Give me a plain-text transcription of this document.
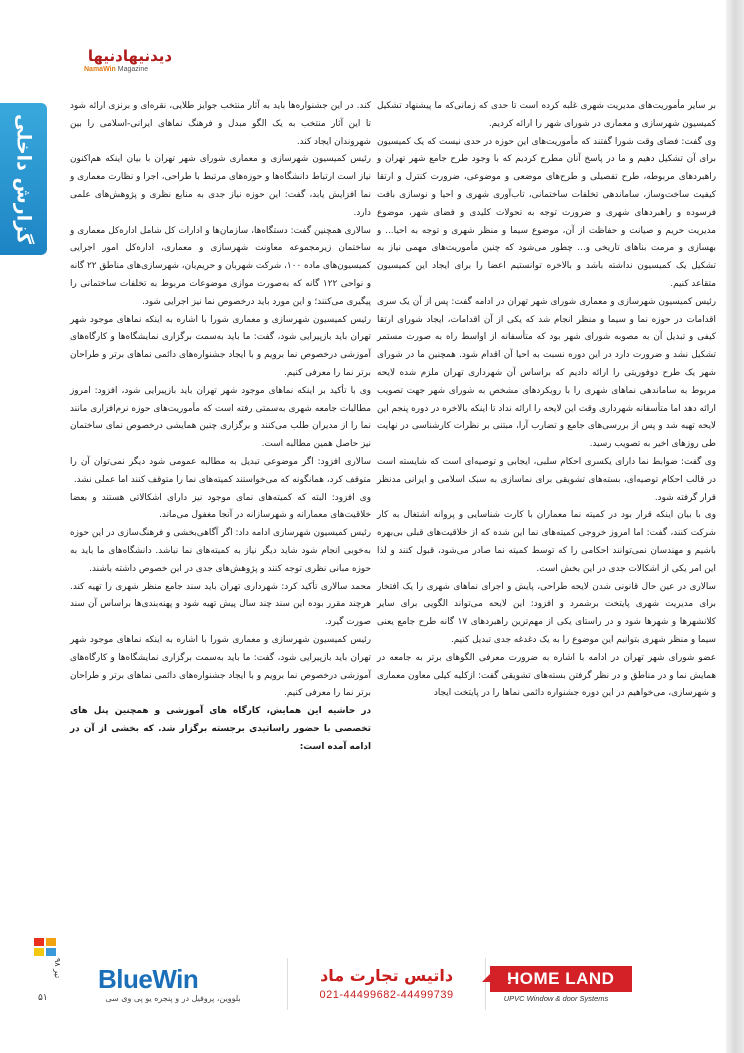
دیدنیهادنیها
NamaWin Magazine
گزارش داخلی

بر سایر مأموریت‌های مدیریت شهری غلبه کرده است تا حدی که زمانی‌که ما پیشنهاد تشکیل کمیسیون شهرسازی و معماری در شورای شهر را ارائه کردیم.

وی گفت: فضای وقت شورا گفتند که مأموریت‌های این حوزه در حدی نیست که یک کمیسیون برای آن تشکیل دهیم و ما در پاسخ آنان مطرح کردیم که با وجود طرح جامع شهر تهران و راهبردهای مربوطه، طرح تفصیلی و طرح‌های موضعی و موضوعی، ضرورت کنترل و ارتقا کیفیت ساخت‌وساز، ساماندهی تخلفات ساختمانی، تاب‌آوری شهری و احیا و نوسازی بافت فرسوده و راهبردهای شهری و ضرورت توجه به تحولات کلیدی و فضای شهر، موضوع مدیریت حریم و صیانت و حفاظت از آن، موضوع سیما و منظر شهری و توجه به احیا... و بهسازی و مرمت بناهای تاریخی و... چطور می‌شود که چنین مأموریت‌های مهمی نیاز به تشکیل یک کمیسیون نداشته باشد و بالاخره توانستیم اعضا را برای ایجاد این کمیسیون متقاعد کنیم.

رئیس کمیسیون شهرسازی و معماری شورای شهر تهران در ادامه گفت: پس از آن یک سری اقدامات در حوزه نما و سیما و منظر انجام شد که یکی از آن اقدامات، ایجاد شورای ارتقا کیفی و تبدیل آن به مصوبه شورای شهر بود که متأسفانه از اواسط راه به صورت مستمر تشکیل نشد و ضرورت دارد در این دوره نسبت به احیا آن اقدام شود. همچنین ما در شورای شهر یک طرح دوفوریتی را ارائه دادیم که براساس آن شهرداری تهران ملزم شده لایحه مربوط به ساماندهی نماهای شهری را با رویکردهای مشخص به شورای شهر جهت تصویب ارائه دهد اما متأسفانه شهرداری وقت این لایحه را ارائه نداد تا اینکه بالاخره در دوره پنجم این لایحه تهیه شد و پس از بررسی‌های جامع و تضارب آرا، مبتنی بر نظرات کارشناسی در نهایت طی روزهای اخیر به تصویب رسید.

وی گفت: ضوابط نما دارای یکسری احکام سلبی، ایجابی و توصیه‌ای است که شایسته است در قالب احکام توصیه‌ای، بسته‌های تشویقی برای نماسازی به سبک اسلامی و ایرانی مدنظر قرار گرفته شود.

وی با بیان اینکه قرار بود در کمیته نما معماران با کارت شناسایی و پروانه اشتغال به کار شرکت کنند، گفت: اما امروز خروجی کمیته‌های نما این شده که از خلاقیت‌های قبلی بی‌بهره باشیم و مهندسان نمی‌توانند احکامی را که توسط کمیته نما صادر می‌شود، قبول کنند و لذا این امر یکی از اشکالات جدی در این بخش است.

سالاری در عین حال قانونی شدن لایحه طراحی، پایش و اجرای نماهای شهری را یک افتخار برای مدیریت شهری پایتخت برشمرد و افزود: این لایحه می‌تواند الگویی برای سایر کلانشهرها و شهرها شود و در راستای یکی از مهم‌ترین راهبردهای ۱۷ گانه طرح جامع یعنی سیما و منظر شهری بتوانیم این موضوع را به یک دغدغه جدی تبدیل کنیم.

عضو شورای شهر تهران در ادامه با اشاره به ضرورت معرفی الگوهای برتر به جامعه در همایش نما و در مناطق و در نظر گرفتن بسته‌های تشویقی گفت: ازکلیه کیلی معاون معماری و شهرسازی، می‌خواهیم در این دوره جشنواره دائمی نماها را در پایتخت ایجاد

کند. در این جشنواره‌ها باید به آثار منتخب جوایز طلایی، نقره‌ای و برنزی ارائه شود تا این آثار منتخب به یک الگو مبدل و فرهنگ نماهای ایرانی-اسلامی را بین شهروندان ایجاد کند.

رئیس کمیسیون شهرسازی و معماری شورای شهر تهران با بیان اینکه هم‌اکنون نیاز است ارتباط دانشگاه‌ها و حوزه‌های مرتبط با طراحی، اجرا و نظارت معماری و نما افزایش یابد، گفت: این حوزه نیاز جدی به منابع نظری و پژوهش‌های علمی دارد.

سالاری همچنین گفت: دستگاه‌ها، سازمان‌ها و ادارات کل شامل اداره‌کل معماری و ساختمان زیرمجموعه معاونت شهرسازی و معماری، اداره‌کل امور اجرایی کمیسیون‌های ماده ۱۰۰، شرکت شهربان و حریم‌بان، شهرسازی‌های مناطق ۲۲ گانه و نواحی ۱۲۲ گانه که به‌صورت موازی موضوعات مربوط به تخلفات ساختمانی را پیگیری می‌کنند؛ و این مورد باید درخصوص نما نیز اجرایی شود.

رئیس کمیسیون شهرسازی و معماری شورا با اشاره به اینکه نماهای موجود شهر تهران باید بازپیرایی شود، گفت: ما باید به‌سمت برگزاری نمایشگاه‌ها و کارگاه‌های آموزشی درخصوص نما برویم و با ایجاد جشنواره‌های دائمی نماهای برتر و طراحان برتر نما را معرفی کنیم.

وی با تأکید بر اینکه نماهای موجود شهر تهران باید بازپیرایی شود، افزود: امروز مطالبات جامعه شهری به‌سمتی رفته است که مأموریت‌های حوزه نرم‌افزاری مانند نما را از مدیران طلب می‌کنند و برگزاری چنین همایشی درخصوص نمای ساختمان نیز حاصل همین مطالبه است.

سالاری افزود: اگر موضوعی تبدیل به مطالبه عمومی شود دیگر نمی‌توان آن را متوقف کرد، همانگونه که می‌خواستند کمیته‌های نما را متوقف کنند اما عملی نشد.

وی افزود: البته که کمیته‌های نمای موجود نیز دارای اشکالاتی هستند و بعضا خلاقیت‌های معمارانه و شهرسازانه در آنجا مغفول می‌ماند.

رئیس کمیسیون شهرسازی ادامه داد: اگر آگاهی‌بخشی و فرهنگ‌سازی در این حوزه به‌خوبی انجام شود شاید دیگر نیاز به کمیته‌های نما نباشد. دانشگاه‌های ما باید به حوزه مبانی نظری توجه کنند و پژوهش‌های جدی در این خصوص داشته باشند.

محمد سالاری تأکید کرد: شهرداری تهران باید سند جامع منظر شهری را تهیه کند. هرچند مقرر بوده این سند چند سال پیش تهیه شود و پهنه‌بندی‌ها براساس آن سند صورت گیرد.

رئیس کمیسیون شهرسازی و معماری شورا با اشاره به اینکه نماهای موجود شهر تهران باید بازپیرایی شود، گفت: ما باید به‌سمت برگزاری نمایشگاه‌ها و کارگاه‌های آموزشی درخصوص نما برویم و با ایجاد جشنواره‌های دائمی نماهای برتر و طراحان برتر نما را معرفی کنیم.

در حاشیه این همایش، کارگاه های آموزشی و همچنین پنل های تخصصی با حضور راساتیدی برجسته برگزار شد. که بخشی از آن در ادامه آمده است:

تیر ۹۸
۵۱
BlueWin
بلووین، پروفیل در و پنجره یو پی وی سی
داتیس تجارت ماد
021-44499682-44499739
HOME LAND
UPVC Window & door Systems
